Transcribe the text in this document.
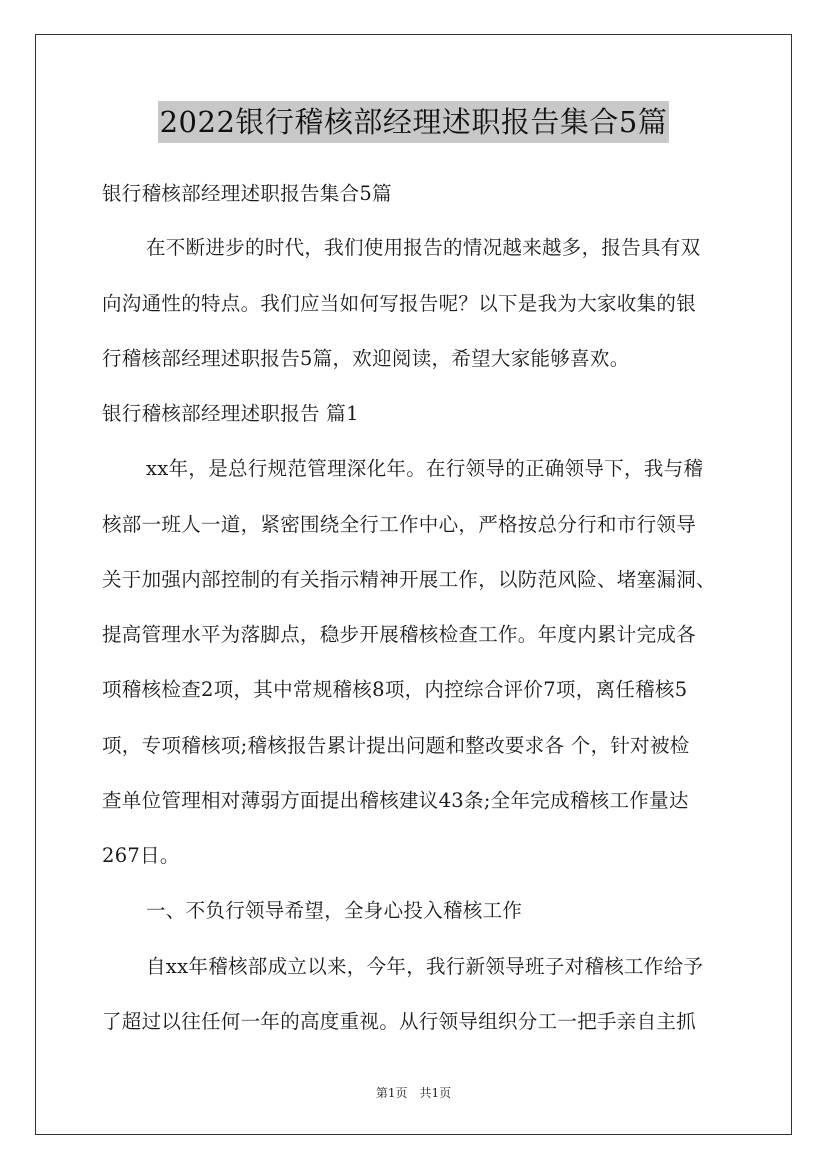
2022银行稽核部经理述职报告集合5篇
银行稽核部经理述职报告集合5篇
在不断进步的时代，我们使用报告的情况越来越多，报告具有双
向沟通性的特点。我们应当如何写报告呢？以下是我为大家收集的银
行稽核部经理述职报告5篇，欢迎阅读，希望大家能够喜欢。
银行稽核部经理述职报告 篇1
xx年，是总行规范管理深化年。在行领导的正确领导下，我与稽
核部一班人一道，紧密围绕全行工作中心，严格按总分行和市行领导
关于加强内部控制的有关指示精神开展工作，以防范风险、堵塞漏洞、
提高管理水平为落脚点，稳步开展稽核检查工作。年度内累计完成各
项稽核检查2项，其中常规稽核8项，内控综合评价7项，离任稽核5
项，专项稽核项;稽核报告累计提出问题和整改要求各 个，针对被检
查单位管理相对薄弱方面提出稽核建议43条;全年完成稽核工作量达
267日。
一、不负行领导希望，全身心投入稽核工作
自xx年稽核部成立以来，今年，我行新领导班子对稽核工作给予
了超过以往任何一年的高度重视。从行领导组织分工一把手亲自主抓
第1页　共1页
